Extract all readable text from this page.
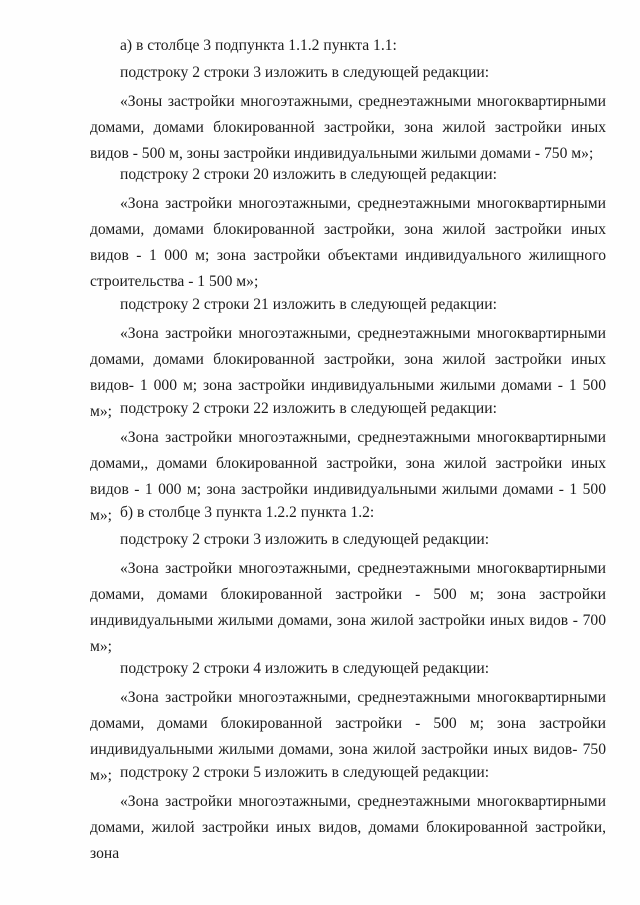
а) в столбце 3 подпункта 1.1.2 пункта 1.1:

подстроку 2 строки 3 изложить в следующей редакции:

«Зоны застройки многоэтажными, среднеэтажными многоквартирными домами, домами блокированной застройки, зона жилой застройки иных видов - 500 м, зоны застройки индивидуальными жилыми домами - 750 м»;

подстроку 2 строки 20 изложить в следующей редакции:

«Зона застройки многоэтажными, среднеэтажными многоквартирными домами, домами блокированной застройки, зона жилой застройки иных видов - 1 000 м; зона застройки объектами индивидуального жилищного строительства - 1 500 м»;

подстроку 2 строки 21 изложить в следующей редакции:

«Зона застройки многоэтажными, среднеэтажными многоквартирными домами, домами блокированной застройки, зона жилой застройки иных видов- 1 000 м; зона застройки индивидуальными жилыми домами - 1 500 м»; подстроку 2 строки 22 изложить в следующей редакции:

«Зона застройки многоэтажными, среднеэтажными многоквартирными домами,, домами блокированной застройки, зона жилой застройки иных видов - 1 000 м; зона застройки индивидуальными жилыми домами - 1 500 м»; б) в столбце 3 пункта 1.2.2 пункта 1.2:

подстроку 2 строки 3 изложить в следующей редакции:

«Зона застройки многоэтажными, среднеэтажными многоквартирными домами, домами блокированной застройки - 500 м; зона застройки индивидуальными жилыми домами, зона жилой застройки иных видов - 700 м»;

подстроку 2 строки 4 изложить в следующей редакции:

«Зона застройки многоэтажными, среднеэтажными многоквартирными домами, домами блокированной застройки - 500 м; зона застройки индивидуальными жилыми домами, зона жилой застройки иных видов- 750 м»; подстроку 2 строки 5 изложить в следующей редакции:

«Зона застройки многоэтажными, среднеэтажными многоквартирными домами, жилой застройки иных видов, домами блокированной застройки, зона
